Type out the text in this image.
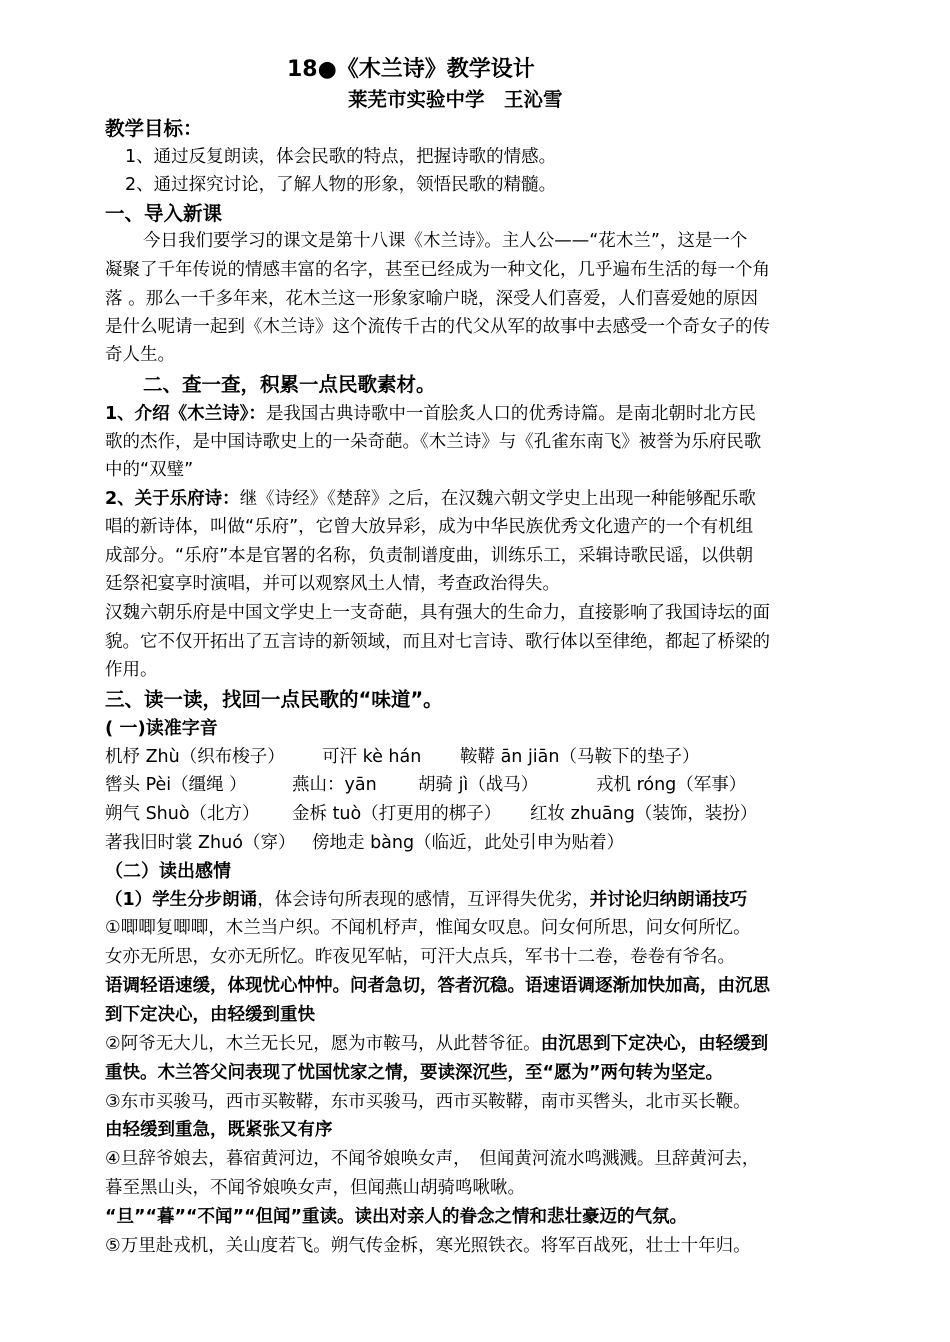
18●《木兰诗》教学设计
莱芜市实验中学　王沁雪
教学目标：
1、通过反复朗读，体会民歌的特点，把握诗歌的情感。
2、通过探究讨论，了解人物的形象，领悟民歌的精髓。
一、导入新课
今日我们要学习的课文是第十八课《木兰诗》。主人公——“花木兰”，这是一个
凝聚了千年传说的情感丰富的名字，甚至已经成为一种文化，几乎遍布生活的每一个角
落 。那么一千多年来，花木兰这一形象家喻户晓，深受人们喜爱，人们喜爱她的原因
是什么呢请一起到《木兰诗》这个流传千古的代父从军的故事中去感受一个奇女子的传
奇人生。
二、查一查，积累一点民歌素材。
1、介绍《木兰诗》：是我国古典诗歌中一首脍炙人口的优秀诗篇。是南北朝时北方民
歌的杰作，是中国诗歌史上的一朵奇葩。《木兰诗》与《孔雀东南飞》被誉为乐府民歌
中的“双璧”
2、关于乐府诗：继《诗经》《楚辞》之后，在汉魏六朝文学史上出现一种能够配乐歌
唱的新诗体，叫做“乐府”，它曾大放异彩，成为中华民族优秀文化遗产的一个有机组
成部分。“乐府”本是官署的名称，负责制谱度曲，训练乐工，采辑诗歌民谣，以供朝
廷祭祀宴享时演唱，并可以观察风土人情，考查政治得失。
汉魏六朝乐府是中国文学史上一支奇葩，具有强大的生命力，直接影响了我国诗坛的面
貌。它不仅开拓出了五言诗的新领域，而且对七言诗、歌行体以至律绝，都起了桥梁的
作用。
三、读一读，找回一点民歌的“味道”。
( 一)读准字音
机杼 Zhù（织布梭子） 可汗 kè hán 鞍鞯 ān jiān（马鞍下的垫子）
辔头 Pèi（缰绳 ）	燕山：yān 胡骑 jì（战马）	戎机 róng（军事）
朔气 Shuò（北方） 金柝 tuò（打更用的梆子） 红妆 zhuāng（装饰，装扮）
著我旧时裳 Zhuó（穿） 傍地走 bàng（临近，此处引申为贴着）
（二）读出感情
（1）学生分步朗诵，体会诗句所表现的感情，互评得失优劣，并讨论归纳朗诵技巧
①唧唧复唧唧，木兰当户织。不闻机杼声，惟闻女叹息。问女何所思，问女何所忆。
女亦无所思，女亦无所忆。昨夜见军帖，可汗大点兵，军书十二卷，卷卷有爷名。
语调轻语速缓，体现忧心忡忡。问者急切，答者沉稳。语速语调逐渐加快加高，由沉思
到下定决心，由轻缓到重快
②阿爷无大儿，木兰无长兄，愿为市鞍马，从此替爷征。由沉思到下定决心，由轻缓到
重快。木兰答父问表现了忧国忧家之情，要读深沉些，至“愿为”两句转为坚定。
③东市买骏马，西市买鞍鞯，东市买骏马，西市买鞍鞯，南市买辔头，北市买长鞭。
由轻缓到重急，既紧张又有序
④旦辞爷娘去，暮宿黄河边，不闻爷娘唤女声，　但闻黄河流水鸣溅溅。旦辞黄河去，
暮至黑山头，不闻爷娘唤女声，但闻燕山胡骑鸣啾啾。
“旦”“暮”“不闻”“但闻”重读。读出对亲人的眷念之情和悲壮豪迈的气氛。
⑤万里赴戎机，关山度若飞。朔气传金柝，寒光照铁衣。将军百战死，壮士十年归。
